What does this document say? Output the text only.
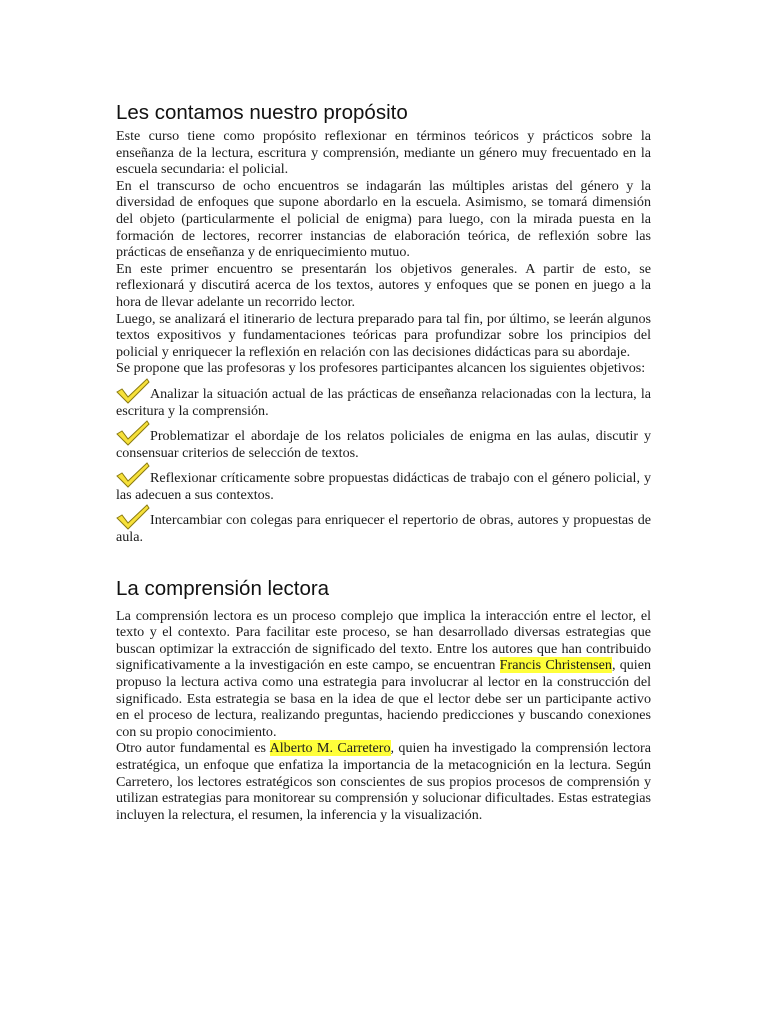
Les contamos nuestro propósito

Este curso tiene como propósito reflexionar en términos teóricos y prácticos sobre la enseñanza de la lectura, escritura y comprensión, mediante un género muy frecuentado en la escuela secundaria: el policial.

En el transcurso de ocho encuentros se indagarán las múltiples aristas del género y la diversidad de enfoques que supone abordarlo en la escuela. Asimismo, se tomará dimensión del objeto (particularmente el policial de enigma) para luego, con la mirada puesta en la formación de lectores, recorrer instancias de elaboración teórica, de reflexión sobre las prácticas de enseñanza y de enriquecimiento mutuo.

En este primer encuentro se presentarán los objetivos generales. A partir de esto, se reflexionará y discutirá acerca de los textos, autores y enfoques que se ponen en juego a la hora de llevar adelante un recorrido lector.

Luego, se analizará el itinerario de lectura preparado para tal fin, por último, se leerán algunos textos expositivos y fundamentaciones teóricas para profundizar sobre los principios del policial y enriquecer la reflexión en relación con las decisiones didácticas para su abordaje.

Se propone que las profesoras y los profesores participantes alcancen los siguientes objetivos:

Analizar la situación actual de las prácticas de enseñanza relacionadas con la lectura, la escritura y la comprensión.

Problematizar el abordaje de los relatos policiales de enigma en las aulas, discutir y consensuar criterios de selección de textos.

Reflexionar críticamente sobre propuestas didácticas de trabajo con el género policial, y las adecuen a sus contextos.

Intercambiar con colegas para enriquecer el repertorio de obras, autores y propuestas de aula.

La comprensión lectora

La comprensión lectora es un proceso complejo que implica la interacción entre el lector, el texto y el contexto. Para facilitar este proceso, se han desarrollado diversas estrategias que buscan optimizar la extracción de significado del texto. Entre los autores que han contribuido significativamente a la investigación en este campo, se encuentran Francis Christensen, quien propuso la lectura activa como una estrategia para involucrar al lector en la construcción del significado. Esta estrategia se basa en la idea de que el lector debe ser un participante activo en el proceso de lectura, realizando preguntas, haciendo predicciones y buscando conexiones con su propio conocimiento.

Otro autor fundamental es Alberto M. Carretero, quien ha investigado la comprensión lectora estratégica, un enfoque que enfatiza la importancia de la metacognición en la lectura. Según Carretero, los lectores estratégicos son conscientes de sus propios procesos de comprensión y utilizan estrategias para monitorear su comprensión y solucionar dificultades. Estas estrategias incluyen la relectura, el resumen, la inferencia y la visualización.
